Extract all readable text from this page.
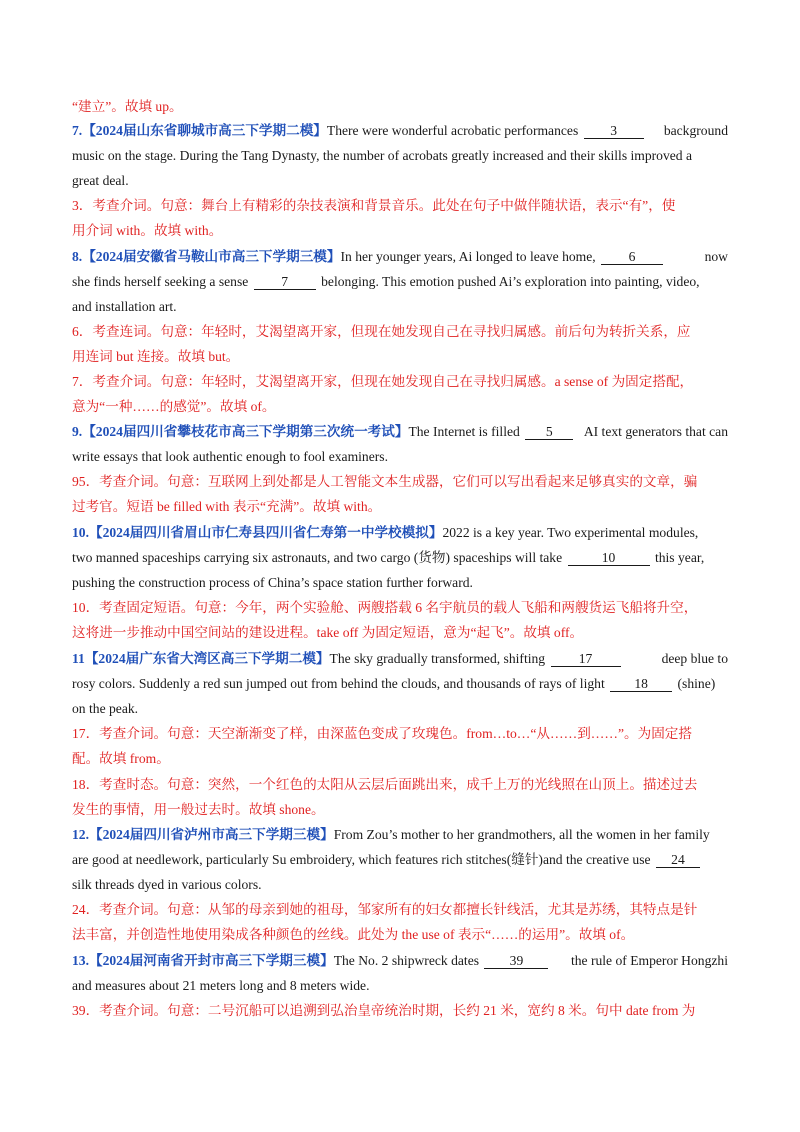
“建立”。故填 up。
7.【2024届山东省聊城市高三下学期二模】There were wonderful acrobatic performances 3	background
music on the stage. During the Tang Dynasty, the number of acrobats greatly increased and their skills improved a
great deal.
3．考查介词。句意：舞台上有精彩的杂技表演和背景音乐。此处在句子中做伴随状语，表示“有”，使
用介词 with。故填 with。
8.【2024届安徽省马鞍山市高三下学期三模】In her younger years, Ai longed to leave home, 6	now
she finds herself seeking a sense 7 belonging. This emotion pushed Ai’s exploration into painting, video,
and installation art.
6．考查连词。句意：年轻时，艾渴望离开家，但现在她发现自己在寻找归属感。前后句为转折关系，应
用连词 but 连接。故填 but。
7．考查介词。句意：年轻时，艾渴望离开家，但现在她发现自己在寻找归属感。a sense of 为固定搭配，
意为“一种……的感觉”。故填 of。
9.【2024届四川省攀枝花市高三下学期第三次统一考试】The Internet is filled 5	AI text generators that can
write essays that look authentic enough to fool examiners.
95．考查介词。句意：互联网上到处都是人工智能文本生成器，它们可以写出看起来足够真实的文章，骗
过考官。短语 be filled with 表示“充满”。故填 with。
10.【2024届四川省眉山市仁寿县四川省仁寿第一中学校模拟】2022 is a key year. Two experimental modules,
two manned spaceships carrying six astronauts, and two cargo (货物) spaceships will take	10	this year,
pushing the construction process of China’s space station further forward.
10．考查固定短语。句意：今年，两个实验舱、两艘搭载 6 名宇航员的载人飞船和两艘货运飞船将升空，
这将进一步推动中国空间站的建设进程。take off 为固定短语，意为“起飞”。故填 off。
11【2024届广东省大湾区高三下学期二模】The sky gradually transformed, shifting 17	deep blue to
rosy colors. Suddenly a red sun jumped out from behind the clouds, and thousands of rays of light 18 (shine)
on the peak.
17．考查介词。句意：天空渐渐变了样，由深蓝色变成了玫瑰色。from…to…“从……到……”。为固定搭
配。故填 from。
18．考查时态。句意：突然，一个红色的太阳从云层后面跳出来，成千上万的光线照在山顶上。描述过去
发生的事情，用一般过去时。故填 shone。
12.【2024届四川省泸州市高三下学期三模】From Zou’s mother to her grandmothers, all the women in her family
are good at needlework, particularly Su embroidery, which features rich stitches(缝针)and the creative use 24
silk threads dyed in various colors.
24．考查介词。句意：从邹的母亲到她的祖母，邹家所有的妇女都擅长针线活，尤其是苏绣，其特点是针
法丰富，并创造性地使用染成各种颜色的丝线。此处为 the use of 表示“……的运用”。故填 of。
13.【2024届河南省开封市高三下学期三模】The No. 2 shipwreck dates 39	the rule of Emperor Hongzhi
and measures about 21 meters long and 8 meters wide.
39．考查介词。句意：二号沉船可以追溯到弘治皇帝统治时期，长约 21 米，宽约 8 米。句中 date from 为
